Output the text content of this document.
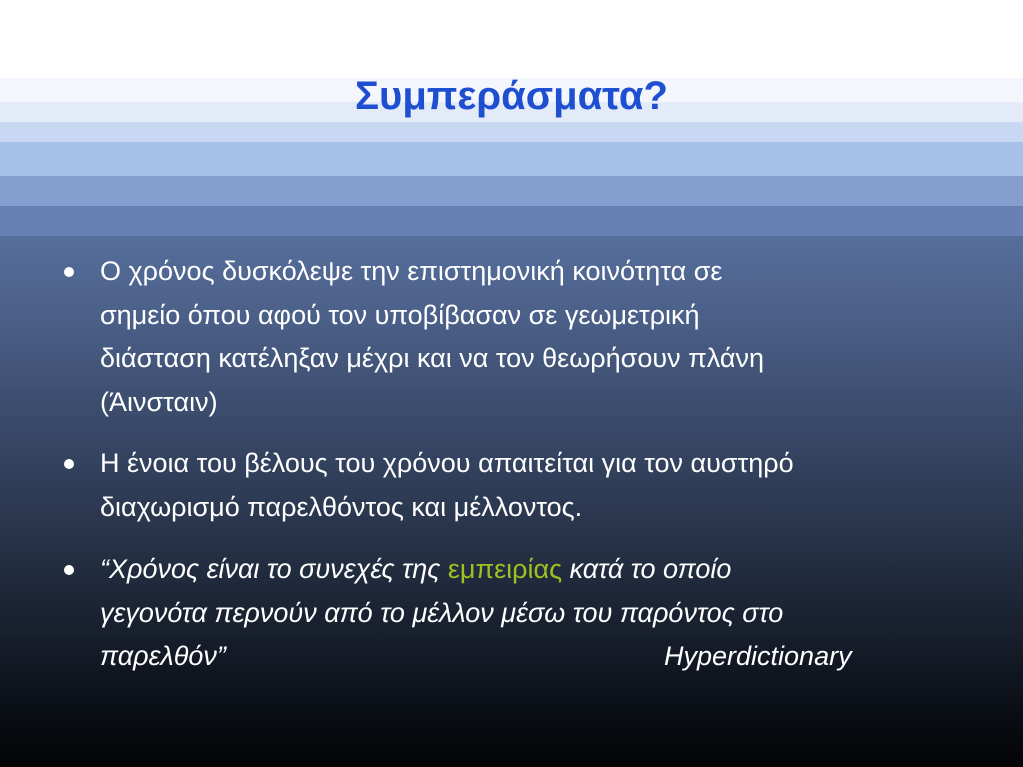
Συμπεράσματα?
Ο χρόνος δυσκόλεψε την επιστημονική κοινότητα σε
σημείο όπου αφού τον υποβίβασαν σε γεωμετρική
διάσταση κατέληξαν μέχρι και να τον θεωρήσουν πλάνη
(Άινσταιν)
Η ένοια του βέλους του χρόνου απαιτείται για τον αυστηρό
διαχωρισμό παρελθόντος και μέλλοντος.
“Χρόνος είναι το συνεχές της εμπειρίας κατά το οποίο
γεγονότα περνούν από το μέλλον μέσω του παρόντος στο
παρελθόν”	Hyperdictionary
